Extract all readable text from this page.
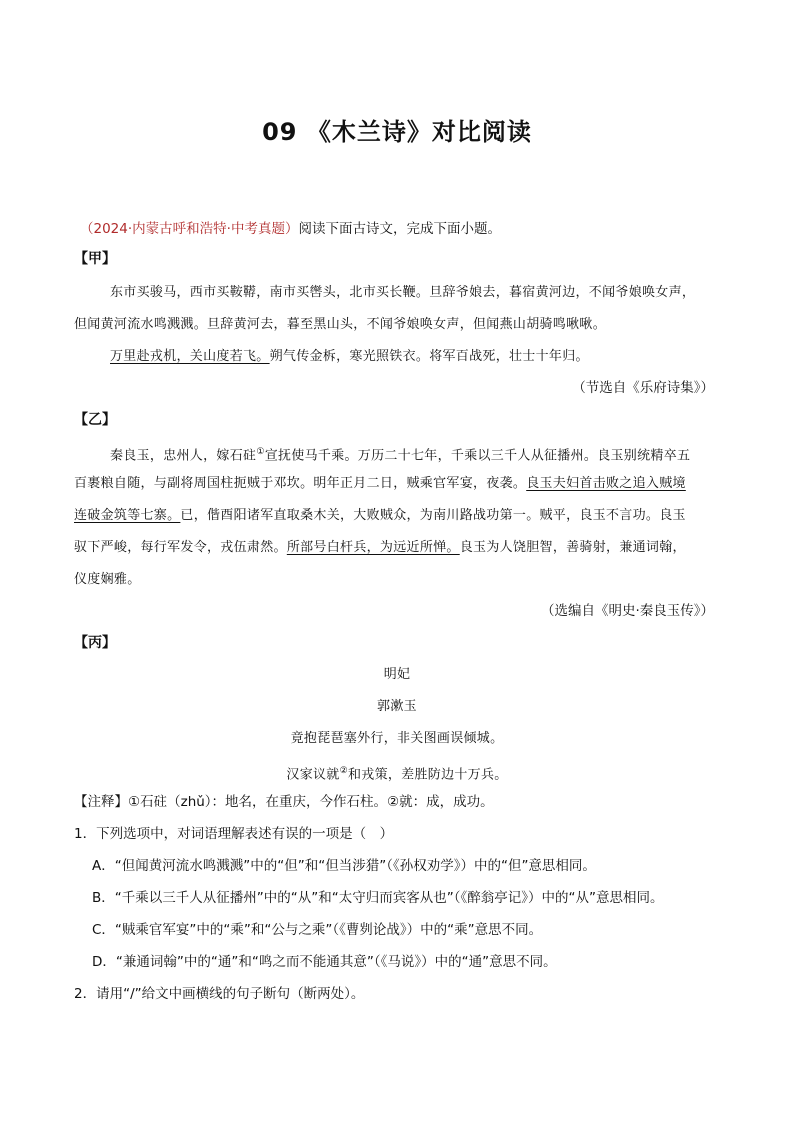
09 《木兰诗》对比阅读
（2024·内蒙古呼和浩特·中考真题）阅读下面古诗文，完成下面小题。
【甲】
东市买骏马，西市买鞍鞯，南市买辔头，北市买长鞭。旦辞爷娘去，暮宿黄河边，不闻爷娘唤女声，
但闻黄河流水鸣溅溅。旦辞黄河去，暮至黑山头，不闻爷娘唤女声，但闻燕山胡骑鸣啾啾。
万里赴戎机，关山度若飞。朔气传金柝，寒光照铁衣。将军百战死，壮士十年归。
（节选自《乐府诗集》）
【乙】
秦良玉，忠州人，嫁石砫①宣抚使马千乘。万历二十七年，千乘以三千人从征播州。良玉别统精卒五
百裹粮自随，与副将周国柱扼贼于邓坎。明年正月二日，贼乘官军宴，夜袭。良玉夫妇首击败之追入贼境
连破金筑等七寨。已，偕酉阳诸军直取桑木关，大败贼众，为南川路战功第一。贼平，良玉不言功。良玉
驭下严峻，每行军发令，戎伍肃然。所部号白杆兵，为远近所惮。良玉为人饶胆智，善骑射，兼通词翰，
仪度娴雅。
（选编自《明史·秦良玉传》）
【丙】
明妃
郭漱玉
竟抱琵琶塞外行，非关图画误倾城。
汉家议就②和戎策，差胜防边十万兵。
【注释】①石砫（zhǔ）：地名，在重庆，今作石柱。②就：成，成功。
1．下列选项中，对词语理解表述有误的一项是（　）
A．“但闻黄河流水鸣溅溅”中的“但”和“但当涉猎”（《孙权劝学》）中的“但”意思相同。
B．“千乘以三千人从征播州”中的“从”和“太守归而宾客从也”（《醉翁亭记》）中的“从”意思相同。
C．“贼乘官军宴”中的“乘”和“公与之乘”（《曹刿论战》）中的“乘”意思不同。
D．“兼通词翰”中的“通”和“鸣之而不能通其意”（《马说》）中的“通”意思不同。
2．请用“/”给文中画横线的句子断句（断两处）。
